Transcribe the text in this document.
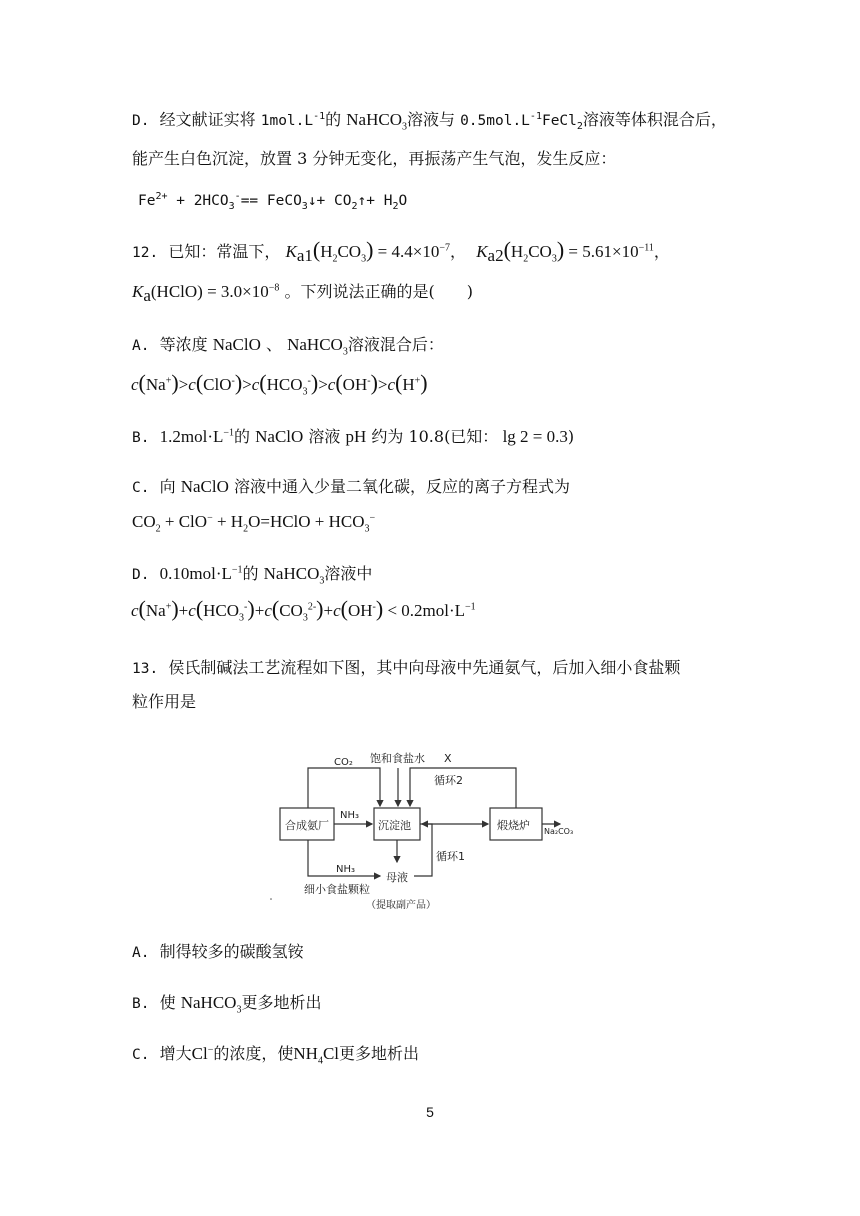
D.  经文献证实将 $1mol.L^{-1}$的 NaHCO$_3$溶液与 $0.5mol.L^{-1}FeCl_2$溶液等体积混合后，
能产生白色沉淀，放置 3 分钟无变化，再振荡产生气泡，发生反应：
$Fe^{2+} + 2HCO_3^-==$ FeCO$_3$↓+ $CO_2↑+ H_2O$
12.  已知：常温下， $K_{a1}(H_2CO_3) = 4.4\times 10^{-7}$，  $K_{a2}(H_2CO_3) = 5.61\times 10^{-11}$，
$K_a(HClO) = 3.0\times 10^{-8}$ 。下列说法正确的是(　　)
A.  等浓度 NaClO 、 NaHCO$_3$溶液混合后：
$c(Na^+)>c(ClO^-)>c(HCO_3^-)>c(OH^-)>c(H^+)$
B. $1.2mol\cdot L^{-1}$的 NaClO 溶液 pH 约为 10.8(已知： lg 2 = 0.3)
C.  向 NaClO 溶液中通入少量二氧化碳，反应的离子方程式为
$CO_2 + ClO^-$ + $H_2O=HClO + HCO_3^-$
D. $0.10mol\cdot L^{-1}$的 NaHCO$_3$溶液中
$c(Na^+)+c(HCO_3^-)+c(CO_3^{2-})+c(OH^-) < 0.2mol\cdot L^{-1}$
13. 侯氏制碱法工艺流程如下图，其中向母液中先通氨气，后加入细小食盐颗
粒作用是
CO₂ 饱和食盐水 X
循环2
合成氨厂
NH₃
沉淀池	煅烧炉 Na₂CO₃
循环1
NH₃
母液
细小食盐颗粒
（提取副产品）
A. 制得较多的碳酸氢铵
B.  使 NaHCO$_3$更多地析出
C.  增大Cl−的浓度，使$NH_4Cl$更多地析出
5
